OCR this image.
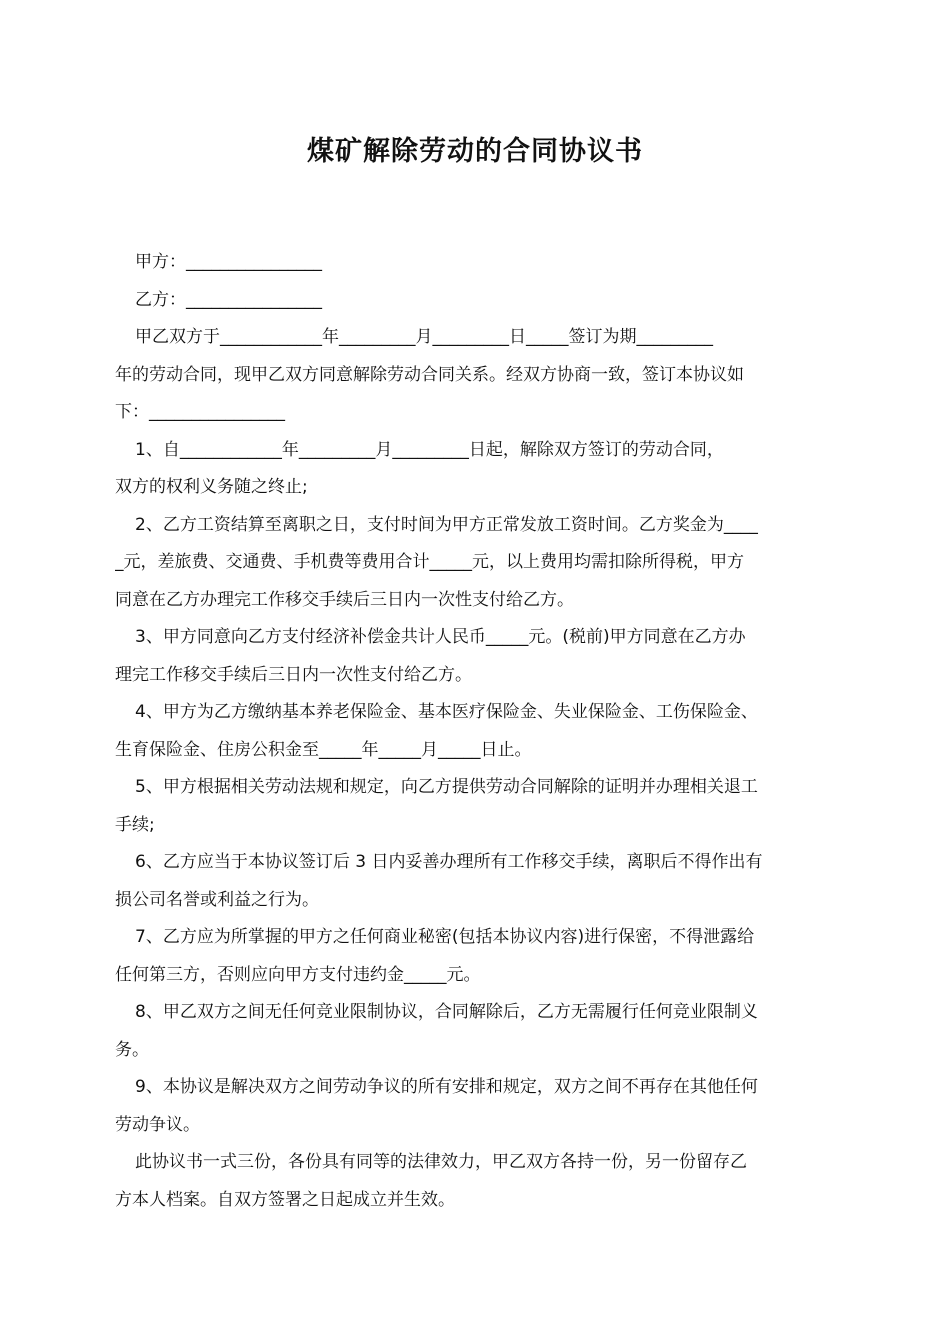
煤矿解除劳动的合同协议书
甲方：________________
乙方：________________
甲乙双方于____________年_________月_________日_____签订为期_________
年的劳动合同，现甲乙双方同意解除劳动合同关系。经双方协商一致，签订本协议如
下：________________
1、自____________年_________月_________日起，解除双方签订的劳动合同，
双方的权利义务随之终止;
2、乙方工资结算至离职之日，支付时间为甲方正常发放工资时间。乙方奖金为____
_元，差旅费、交通费、手机费等费用合计_____元，以上费用均需扣除所得税，甲方
同意在乙方办理完工作移交手续后三日内一次性支付给乙方。
3、甲方同意向乙方支付经济补偿金共计人民币_____元。(税前)甲方同意在乙方办
理完工作移交手续后三日内一次性支付给乙方。
4、甲方为乙方缴纳基本养老保险金、基本医疗保险金、失业保险金、工伤保险金、
生育保险金、住房公积金至_____年_____月_____日止。
5、甲方根据相关劳动法规和规定，向乙方提供劳动合同解除的证明并办理相关退工
手续;
6、乙方应当于本协议签订后 3 日内妥善办理所有工作移交手续，离职后不得作出有
损公司名誉或利益之行为。
7、乙方应为所掌握的甲方之任何商业秘密(包括本协议内容)进行保密，不得泄露给
任何第三方，否则应向甲方支付违约金_____元。
8、甲乙双方之间无任何竞业限制协议，合同解除后，乙方无需履行任何竞业限制义
务。
9、本协议是解决双方之间劳动争议的所有安排和规定，双方之间不再存在其他任何
劳动争议。
此协议书一式三份，各份具有同等的法律效力，甲乙双方各持一份，另一份留存乙
方本人档案。自双方签署之日起成立并生效。
